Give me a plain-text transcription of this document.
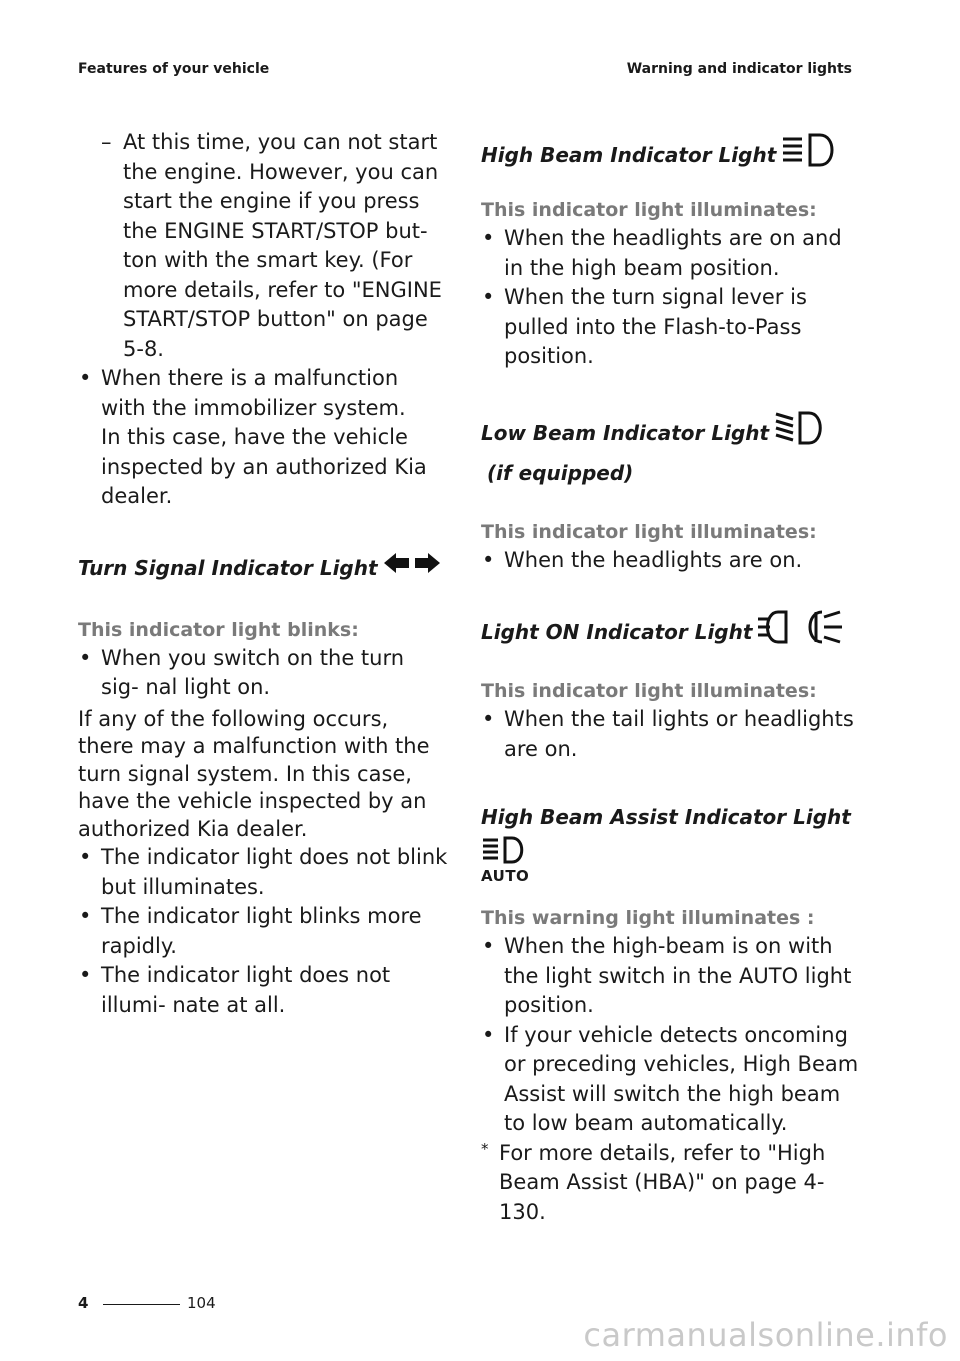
Features of your vehicle	Warning and indicator lights
– At this time, you can not start the engine. However, you can start the engine if you press the ENGINE START/STOP but- ton with the smart key. (For more details, refer to "ENGINE START/STOP button" on page 5-8.
• When there is a malfunction with the immobilizer system.
In this case, have the vehicle inspected by an authorized Kia dealer.
Turn Signal Indicator Light
This indicator light blinks:
• When you switch on the turn sig- nal light on.

If any of the following occurs, there may a malfunction with the turn signal system. In this case, have the vehicle inspected by an authorized Kia dealer.

• The indicator light does not blink but illuminates.
• The indicator light blinks more rapidly.
• The indicator light does not illumi- nate at all.
High Beam Indicator Light
This indicator light illuminates:
• When the headlights are on and in the high beam position.
• When the turn signal lever is pulled into the Flash-to-Pass position.
Low Beam Indicator Light
(if equipped)
This indicator light illuminates:
• When the headlights are on.
Light ON Indicator Light
This indicator light illuminates:
• When the tail lights or headlights are on.
High Beam Assist Indicator Light
AUTO
This warning light illuminates :
• When the high-beam is on with the light switch in the AUTO light position.
• If your vehicle detects oncoming or preceding vehicles, High Beam Assist will switch the high beam to low beam automatically.
* For more details, refer to "High Beam Assist (HBA)" on page 4- 130.
4	104
carmanualsonline.info
